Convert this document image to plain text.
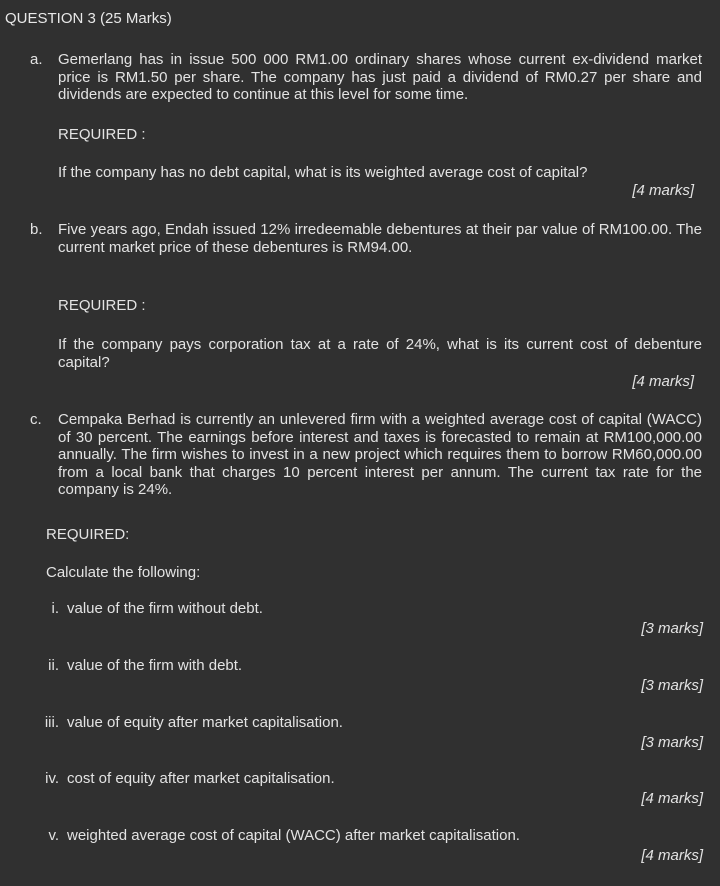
QUESTION 3 (25 Marks)
a. Gemerlang has in issue 500 000 RM1.00 ordinary shares whose current ex-dividend market price is RM1.50 per share. The company has just paid a dividend of RM0.27 per share and dividends are expected to continue at this level for some time.
REQUIRED :
If the company has no debt capital, what is its weighted average cost of capital?
[4 marks]
b. Five years ago, Endah issued 12% irredeemable debentures at their par value of RM100.00. The current market price of these debentures is RM94.00.
REQUIRED :
If the company pays corporation tax at a rate of 24%, what is its current cost of debenture capital?
[4 marks]
c. Cempaka Berhad is currently an unlevered firm with a weighted average cost of capital (WACC) of 30 percent. The earnings before interest and taxes is forecasted to remain at RM100,000.00 annually. The firm wishes to invest in a new project which requires them to borrow RM60,000.00 from a local bank that charges 10 percent interest per annum. The current tax rate for the company is 24%.
REQUIRED:
Calculate the following:
i. value of the firm without debt.
[3 marks]
ii. value of the firm with debt.
[3 marks]
iii. value of equity after market capitalisation.
[3 marks]
iv. cost of equity after market capitalisation.
[4 marks]
v. weighted average cost of capital (WACC) after market capitalisation.
[4 marks]
